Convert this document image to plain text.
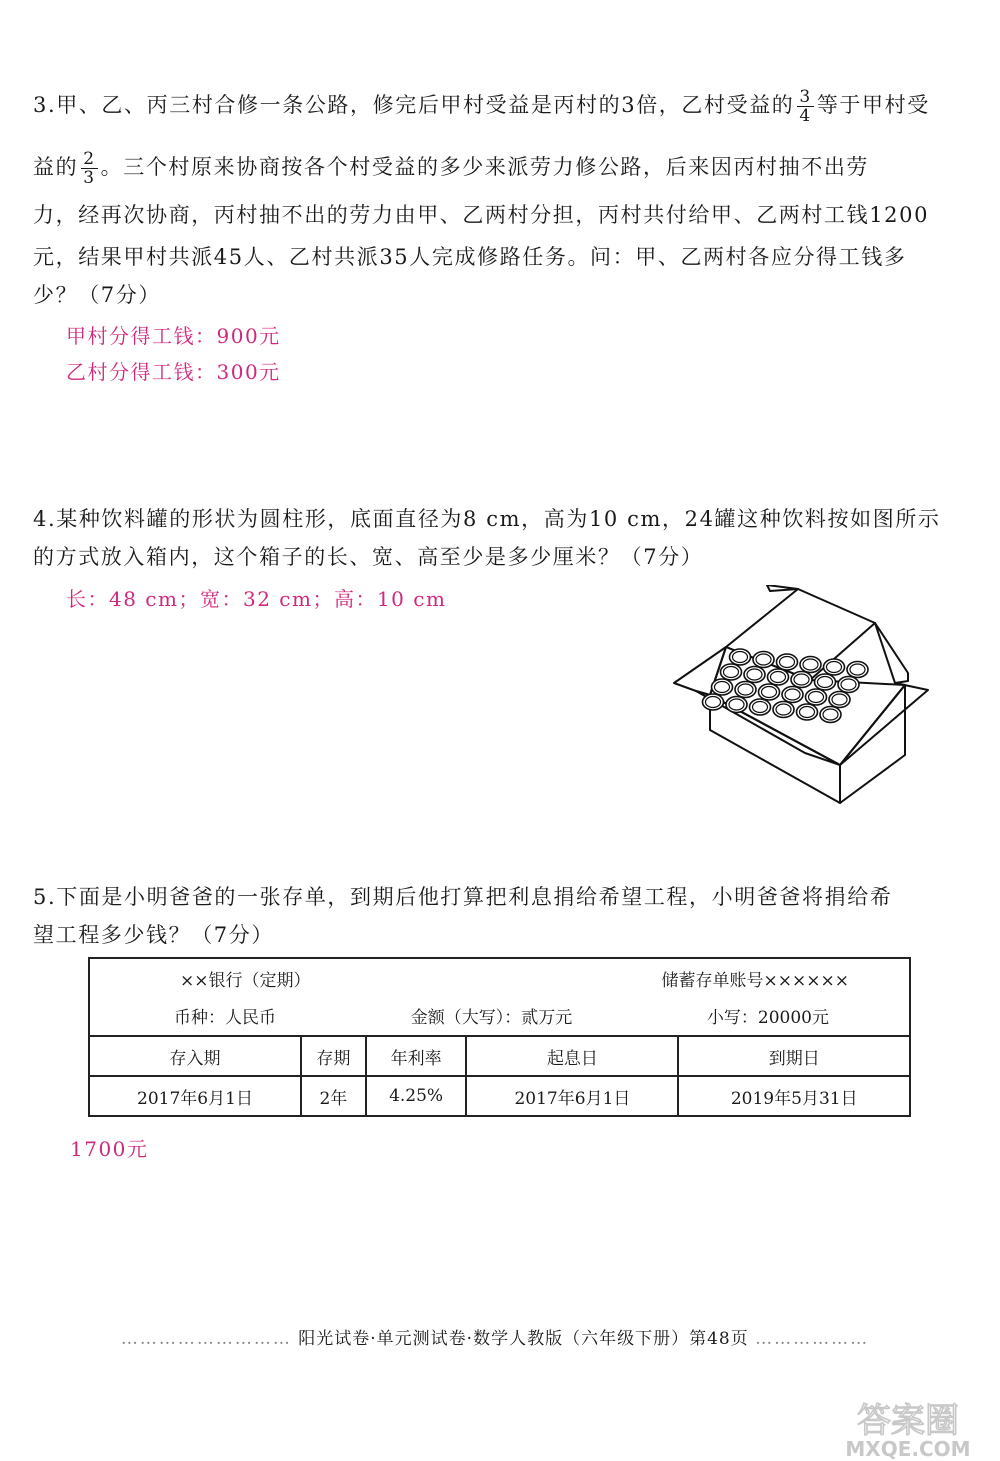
3.甲、乙、丙三村合修一条公路，修完后甲村受益是丙村的3倍，乙村受益的 $\frac{3}{4}$ 等于甲村受
益的 $\frac{2}{3}$ 。三个村原来协商按各个村受益的多少来派劳力修公路，后来因丙村抽不出劳
力，经再次协商，丙村抽不出的劳力由甲、乙两村分担，丙村共付给甲、乙两村工钱1200
元，结果甲村共派45人、乙村共派35人完成修路任务。问：甲、乙两村各应分得工钱多
少？（7分）
甲村分得工钱：900元
乙村分得工钱：300元
4.某种饮料罐的形状为圆柱形，底面直径为8 cm，高为10 cm，24罐这种饮料按如图所示
的方式放入箱内，这个箱子的长、宽、高至少是多少厘米？（7分）
长：48 cm；宽：32 cm；高：10 cm
5.下面是小明爸爸的一张存单，到期后他打算把利息捐给希望工程，小明爸爸将捐给希
望工程多少钱？（7分）
××银行（定期） 储蓄存单账号××××××
币种：人民币 金额（大写）：贰万元 小写：20000元				

存入期	存期	年利率	起息日	到期日
2017年6月1日	2年	4.25%	2017年6月1日	2019年5月31日
1700元
……………………… 阳光试卷·单元测试卷·数学人教版（六年级下册）第48页 ………………
答案圈
MXQE.COM
